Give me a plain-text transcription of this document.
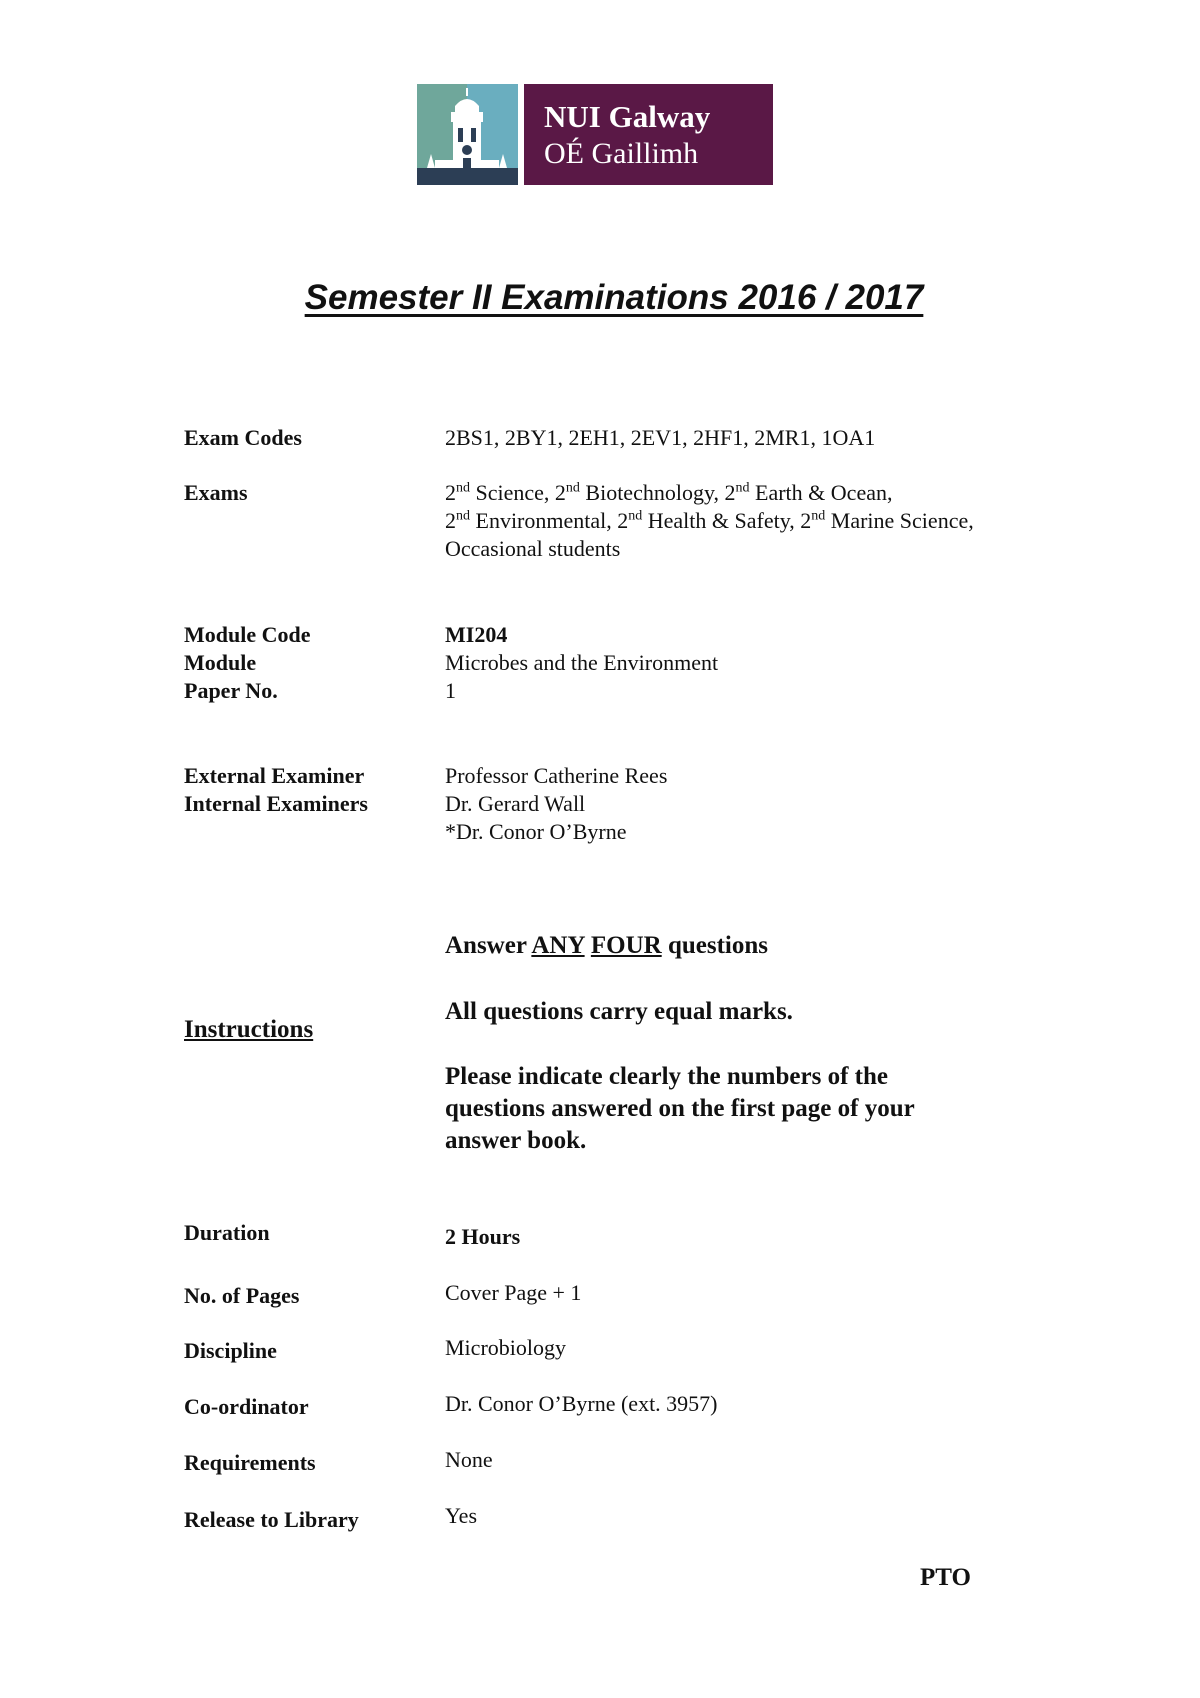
NUI Galway
OÉ Gaillimh
Semester II Examinations 2016 / 2017
Exam Codes	2BS1, 2BY1, 2EH1, 2EV1, 2HF1, 2MR1, 1OA1
Exams	2nd Science, 2nd Biotechnology, 2nd Earth & Ocean,
2nd Environmental, 2nd Health & Safety, 2nd Marine Science,
Occasional students
Module Code	MI204
Module	Microbes and the Environment
Paper No.	1
External Examiner	Professor Catherine Rees
Internal Examiners	Dr. Gerard Wall
*Dr. Conor O’Byrne
Answer ANY FOUR questions
Instructions
All questions carry equal marks.
Please indicate clearly the numbers of the
questions answered on the first page of your
answer book.
Duration	2 Hours
No. of Pages	Cover Page + 1
Discipline	Microbiology
Co-ordinator	Dr. Conor O’Byrne (ext. 3957)
Requirements	None
Release to Library	Yes
PTO
